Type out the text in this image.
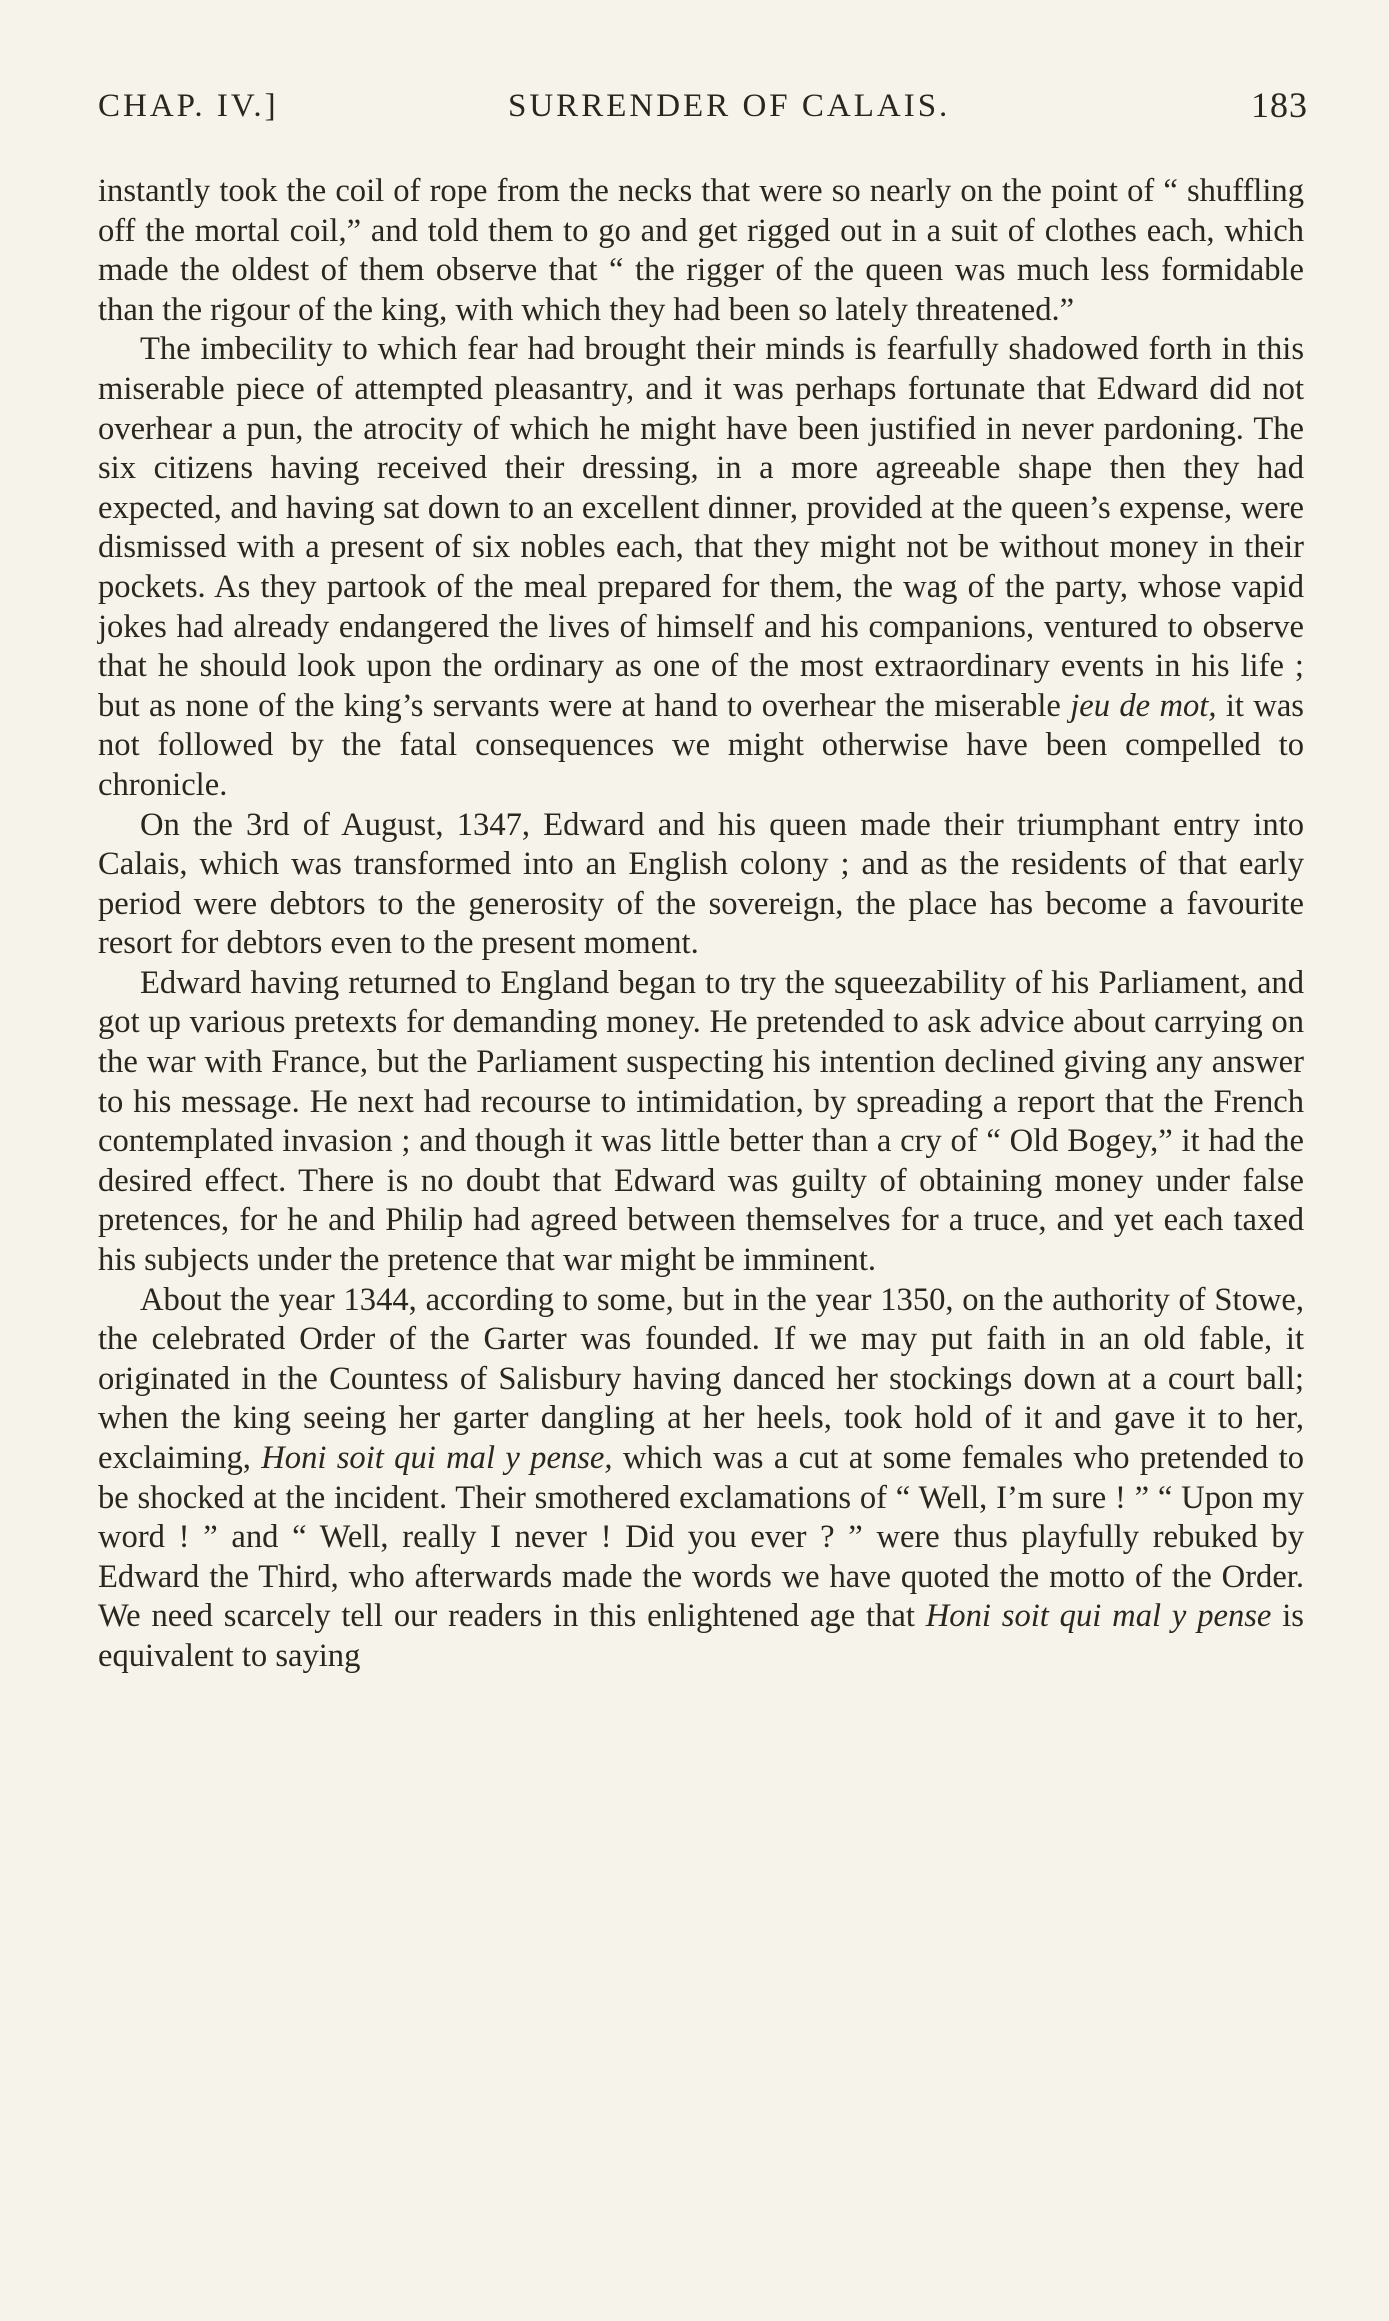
CHAP. IV.]	SURRENDER OF CALAIS.	183

instantly took the coil of rope from the necks that were so nearly on the point of “ shuffling off the mortal coil,” and told them to go and get rigged out in a suit of clothes each, which made the oldest of them observe that “ the rigger of the queen was much less formidable than the rigour of the king, with which they had been so lately threatened.”

The imbecility to which fear had brought their minds is fearfully shadowed forth in this miserable piece of attempted pleasantry, and it was perhaps fortunate that Edward did not overhear a pun, the atrocity of which he might have been justified in never pardoning. The six citizens having received their dressing, in a more agreeable shape then they had expected, and having sat down to an excellent dinner, provided at the queen’s expense, were dismissed with a present of six nobles each, that they might not be without money in their pockets. As they partook of the meal prepared for them, the wag of the party, whose vapid jokes had already endangered the lives of himself and his companions, ventured to observe that he should look upon the ordinary as one of the most extraordinary events in his life ; but as none of the king’s servants were at hand to overhear the miserable jeu de mot, it was not followed by the fatal consequences we might otherwise have been compelled to chronicle.

On the 3rd of August, 1347, Edward and his queen made their triumphant entry into Calais, which was transformed into an English colony ; and as the residents of that early period were debtors to the generosity of the sovereign, the place has become a favourite resort for debtors even to the present moment.

Edward having returned to England began to try the squeezability of his Parliament, and got up various pretexts for demanding money. He pretended to ask advice about carrying on the war with France, but the Parliament suspecting his intention declined giving any answer to his message. He next had recourse to intimidation, by spreading a report that the French contemplated invasion ; and though it was little better than a cry of “ Old Bogey,” it had the desired effect. There is no doubt that Edward was guilty of obtaining money under false pretences, for he and Philip had agreed between themselves for a truce, and yet each taxed his subjects under the pretence that war might be imminent.

About the year 1344, according to some, but in the year 1350, on the authority of Stowe, the celebrated Order of the Garter was founded. If we may put faith in an old fable, it originated in the Countess of Salisbury having danced her stockings down at a court ball; when the king seeing her garter dangling at her heels, took hold of it and gave it to her, exclaiming, Honi soit qui mal y pense, which was a cut at some females who pretended to be shocked at the incident. Their smothered exclamations of “ Well, I’m sure ! ” “ Upon my word ! ” and “ Well, really I never ! Did you ever ? ” were thus playfully rebuked by Edward the Third, who afterwards made the words we have quoted the motto of the Order. We need scarcely tell our readers in this enlightened age that Honi soit qui mal y pense is equivalent to saying
